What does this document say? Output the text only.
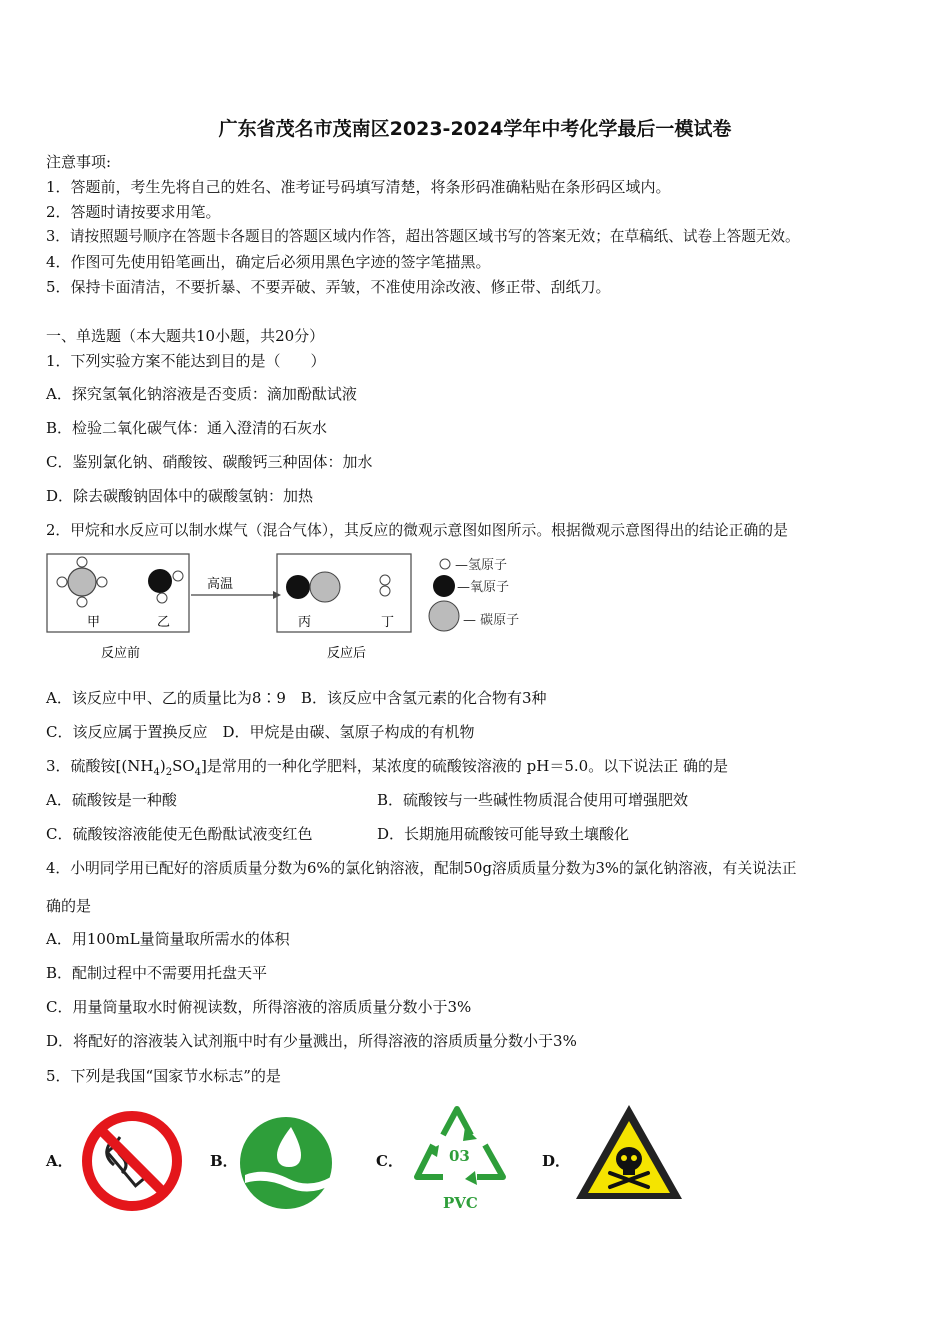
广东省茂名市茂南区2023-2024学年中考化学最后一模试卷
注意事项:
1．答题前，考生先将自己的姓名、准考证号码填写清楚，将条形码准确粘贴在条形码区域内。
2．答题时请按要求用笔。
3．请按照题号顺序在答题卡各题目的答题区域内作答，超出答题区域书写的答案无效；在草稿纸、试卷上答题无效。
4．作图可先使用铅笔画出，确定后必须用黑色字迹的签字笔描黑。
5．保持卡面清洁，不要折暴、不要弄破、弄皱，不准使用涂改液、修正带、刮纸刀。
一、单选题（本大题共10小题，共20分）
1．下列实验方案不能达到目的是（　　）
A．探究氢氧化钠溶液是否变质：滴加酚酞试液
B．检验二氧化碳气体：通入澄清的石灰水
C．鉴别氯化钠、硝酸铵、碳酸钙三种固体：加水
D．除去碳酸钠固体中的碳酸氢钠：加热
2．甲烷和水反应可以制水煤气（混合气体），其反应的微观示意图如图所示。根据微观示意图得出的结论正确的是
甲	乙
高温
丙	丁
反应前	反应后
—氢原子
—氧原子
— 碳原子
A．该反应中甲、乙的质量比为8∶9　B．该反应中含氢元素的化合物有3种
C．该反应属于置换反应　D．甲烷是由碳、氢原子构成的有机物
3．硫酸铵$[(NH_4)_2SO_4]$是常用的一种化学肥料，某浓度的硫酸铵溶液的 pH＝5.0。以下说法正 确的是
A．硫酸铵是一种酸	B．硫酸铵与一些碱性物质混合使用可增强肥效
C．硫酸铵溶液能使无色酚酞试液变红色	D．长期施用硫酸铵可能导致土壤酸化
4．小明同学用已配好的溶质质量分数为6%的氯化钠溶液，配制50g溶质质量分数为3%的氯化钠溶液，有关说法正
确的是
A．用100mL量筒量取所需水的体积
B．配制过程中不需要用托盘天平
C．用量筒量取水时俯视读数，所得溶液的溶质质量分数小于3%
D．将配好的溶液装入试剂瓶中时有少量溅出，所得溶液的溶质质量分数小于3%
5．下列是我国“国家节水标志”的是
A．	B．	C．	03
PVC
D．
